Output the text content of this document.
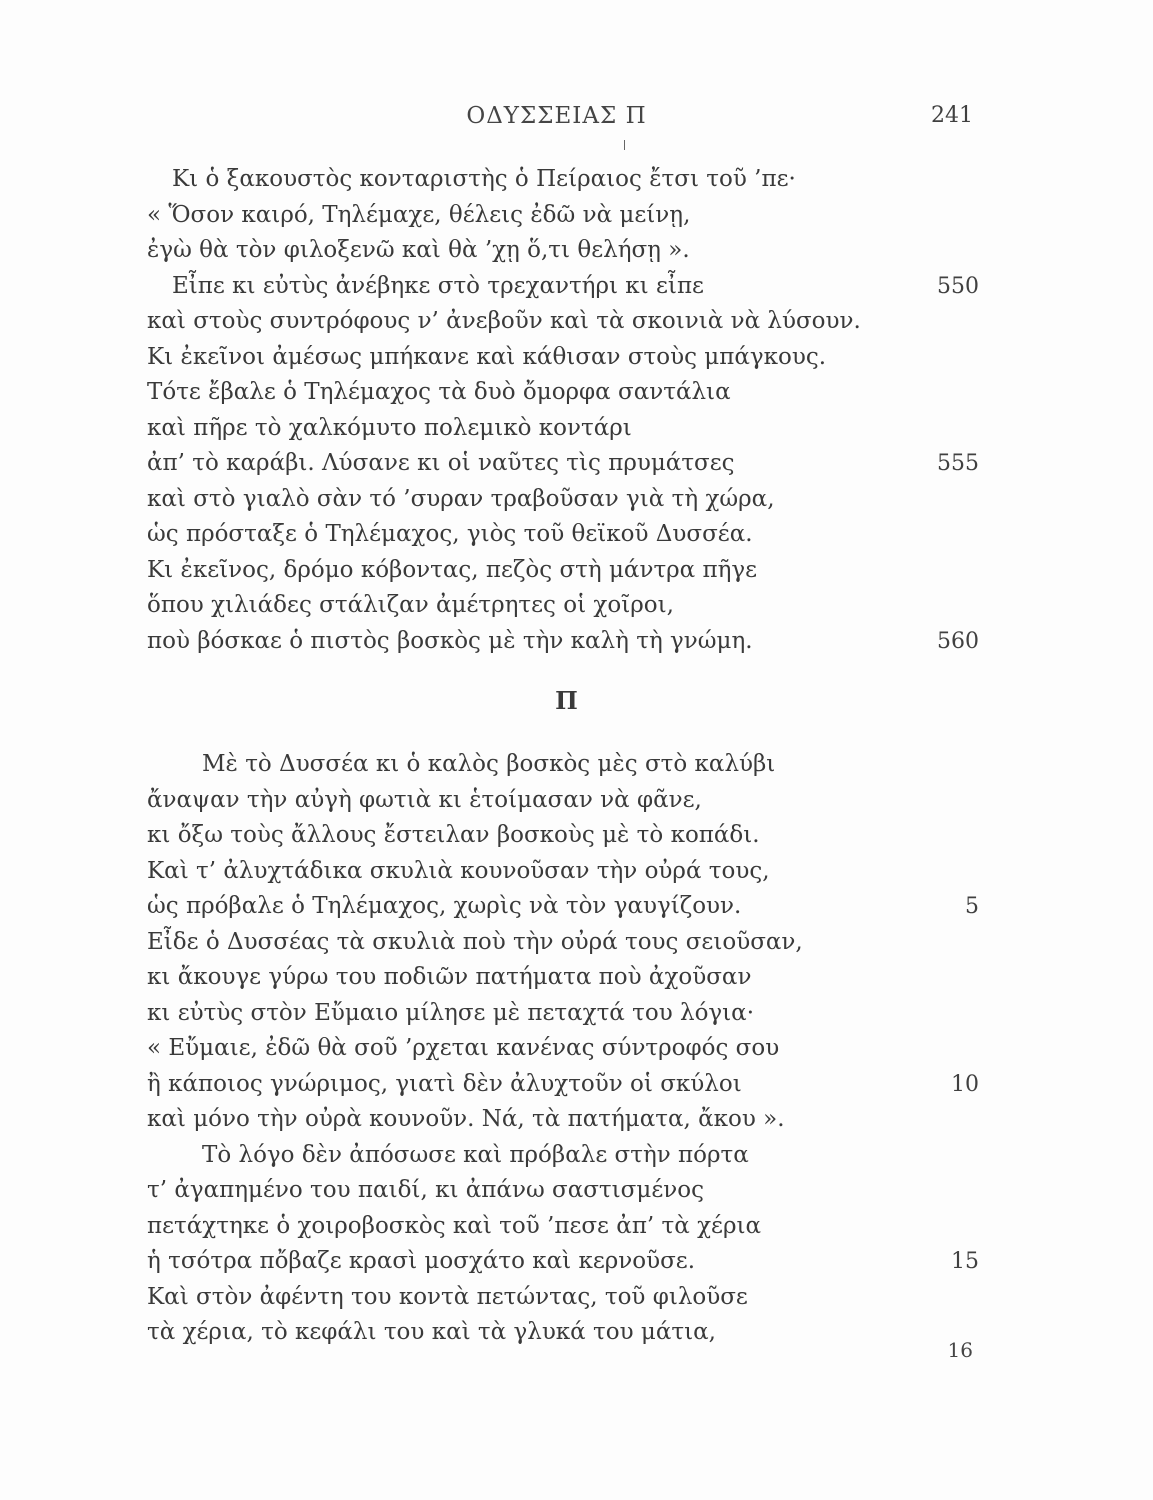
ΟΔΥΣΣΕΙΑΣ Π	241
Κι ὁ ξακουστὸς κονταριστὴς ὁ Πείραιος ἔτσι τοῦ ’πε·
« Ὅσον καιρό, Τηλέμαχε, θέλεις ἐδῶ νὰ μείνῃ,
ἐγὼ θὰ τὸν φιλοξενῶ καὶ θὰ ’χῃ ὅ,τι θελήσῃ ».
Εἶπε κι εὐτὺς ἀνέβηκε στὸ τρεχαντήρι κι εἶπε	550
καὶ στοὺς συντρόφους ν’ ἀνεβοῦν καὶ τὰ σκοινιὰ νὰ λύσουν.
Κι ἐκεῖνοι ἀμέσως μπήκανε καὶ κάθισαν στοὺς μπάγκους.
Τότε ἔβαλε ὁ Τηλέμαχος τὰ δυὸ ὄμορφα σαντάλια
καὶ πῆρε τὸ χαλκόμυτο πολεμικὸ κοντάρι
ἀπ’ τὸ καράβι. Λύσανε κι οἱ ναῦτες τὶς πρυμάτσες	555
καὶ στὸ γιαλὸ σὰν τό ’συραν τραβοῦσαν γιὰ τὴ χώρα,
ὡς πρόσταξε ὁ Τηλέμαχος, γιὸς τοῦ θεϊκοῦ Δυσσέα.
Κι ἐκεῖνος, δρόμο κόβοντας, πεζὸς στὴ μάντρα πῆγε
ὅπου χιλιάδες στάλιζαν ἀμέτρητες οἱ χοῖροι,
ποὺ βόσκαε ὁ πιστὸς βοσκὸς μὲ τὴν καλὴ τὴ γνώμη.	560
Π
Μὲ τὸ Δυσσέα κι ὁ καλὸς βοσκὸς μὲς στὸ καλύβι
ἄναψαν τὴν αὐγὴ φωτιὰ κι ἑτοίμασαν νὰ φᾶνε,
κι ὄξω τοὺς ἄλλους ἔστειλαν βοσκοὺς μὲ τὸ κοπάδι.
Καὶ τ’ ἀλυχτάδικα σκυλιὰ κουνοῦσαν τὴν οὐρά τους,
ὡς πρόβαλε ὁ Τηλέμαχος, χωρὶς νὰ τὸν γαυγίζουν.	5
Εἶδε ὁ Δυσσέας τὰ σκυλιὰ ποὺ τὴν οὐρά τους σειοῦσαν,
κι ἄκουγε γύρω του ποδιῶν πατήματα ποὺ ἀχοῦσαν
κι εὐτὺς στὸν Εὔμαιο μίλησε μὲ πεταχτά του λόγια·
« Εὔμαιε, ἐδῶ θὰ σοῦ ’ρχεται κανένας σύντροφός σου
ἢ κάποιος γνώριμος, γιατὶ δὲν ἀλυχτοῦν οἱ σκύλοι	10
καὶ μόνο τὴν οὐρὰ κουνοῦν. Νά, τὰ πατήματα, ἄκου ».
Τὸ λόγο δὲν ἀπόσωσε καὶ πρόβαλε στὴν πόρτα
τ’ ἀγαπημένο του παιδί, κι ἀπάνω σαστισμένος
πετάχτηκε ὁ χοιροβοσκὸς καὶ τοῦ ’πεσε ἀπ’ τὰ χέρια
ἡ τσότρα πὄβαζε κρασὶ μοσχάτο καὶ κερνοῦσε.	15
Καὶ στὸν ἀφέντη του κοντὰ πετώντας, τοῦ φιλοῦσε
τὰ χέρια, τὸ κεφάλι του καὶ τὰ γλυκά του μάτια,
16
